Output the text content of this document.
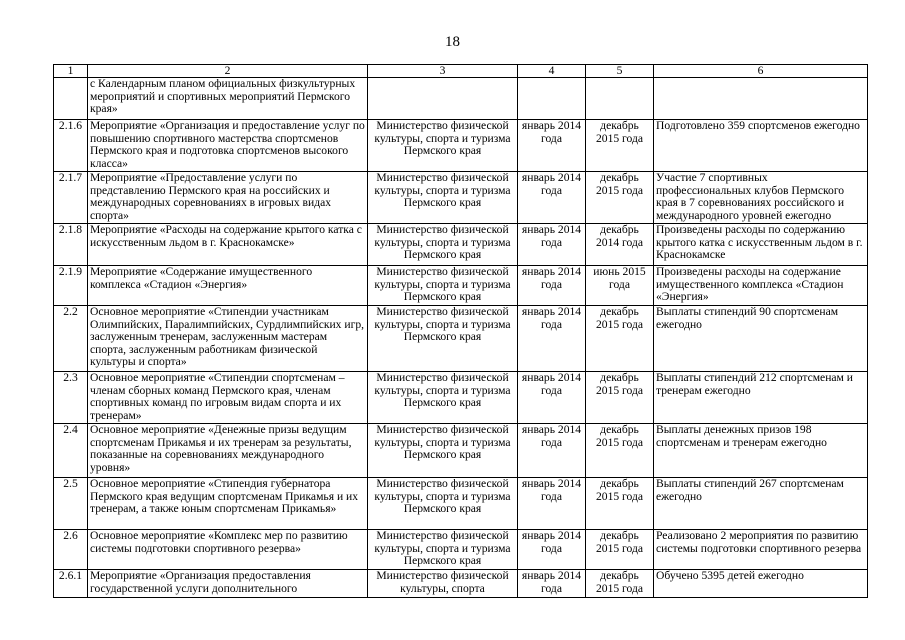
18
1	2	3	4	5	6

	с Календарным планом официальных физкультурных мероприятий и спортивных мероприятий Пермского края»				

2.1.6	Мероприятие «Организация и предоставление услуг по повышению спортивного мастерства спортсменов Пермского края и подготовка спортсменов высокого класса»	Министерство физической культуры, спорта и туризма Пермского края	январь 2014 года	декабрь 2015 года	Подготовлено 359 спортсменов ежегодно

2.1.7	Мероприятие «Предоставление услуги по представлению Пермского края на российских и международных соревнованиях в игровых видах спорта»	Министерство физической культуры, спорта и туризма Пермского края	январь 2014 года	декабрь 2015 года	Участие 7 спортивных профессиональных клубов Пермского края в 7 соревнованиях российского и международного уровней ежегодно

2.1.8	Мероприятие «Расходы на содержание крытого катка с искусственным льдом в г. Краснокамске»	Министерство физической культуры, спорта и туризма Пермского края	январь 2014 года	декабрь 2014 года	Произведены расходы по содержанию крытого катка с искусственным льдом в г. Краснокамске

2.1.9	Мероприятие «Содержание имущественного комплекса «Стадион «Энергия»	Министерство физической культуры, спорта и туризма Пермского края	январь 2014 года	июнь 2015 года	Произведены расходы на содержание имущественного комплекса «Стадион «Энергия»

2.2	Основное мероприятие «Стипендии участникам Олимпийских, Паралимпийских, Сурдлимпийских игр, заслуженным тренерам, заслуженным мастерам спорта, заслуженным работникам физической культуры и спорта»	Министерство физической культуры, спорта и туризма Пермского края	январь 2014 года	декабрь 2015 года	Выплаты стипендий 90 спортсменам ежегодно

2.3	Основное мероприятие «Стипендии спортсменам – членам сборных команд Пермского края, членам спортивных команд по игровым видам спорта и их тренерам»	Министерство физической культуры, спорта и туризма Пермского края	январь 2014 года	декабрь 2015 года	Выплаты стипендий 212 спортсменам и тренерам ежегодно

2.4	Основное мероприятие «Денежные призы ведущим спортсменам Прикамья и их тренерам за результаты, показанные на соревнованиях международного уровня»	Министерство физической культуры, спорта и туризма Пермского края	январь 2014 года	декабрь 2015 года	Выплаты денежных призов 198 спортсменам и тренерам ежегодно

2.5	Основное мероприятие «Стипендия губернатора Пермского края ведущим спортсменам Прикамья и их тренерам, а также юным спортсменам Прикамья»	Министерство физической культуры, спорта и туризма Пермского края	январь 2014 года	декабрь 2015 года	Выплаты стипендий 267 спортсменам ежегодно

2.6	Основное мероприятие «Комплекс мер по развитию системы подготовки спортивного резерва»	Министерство физической культуры, спорта и туризма Пермского края	январь 2014 года	декабрь 2015 года	Реализовано 2 мероприятия по развитию системы подготовки спортивного резерва

2.6.1	Мероприятие «Организация предоставления государственной услуги дополнительного	Министерство физической культуры, спорта	январь 2014 года	декабрь 2015 года	Обучено 5395 детей ежегодно
